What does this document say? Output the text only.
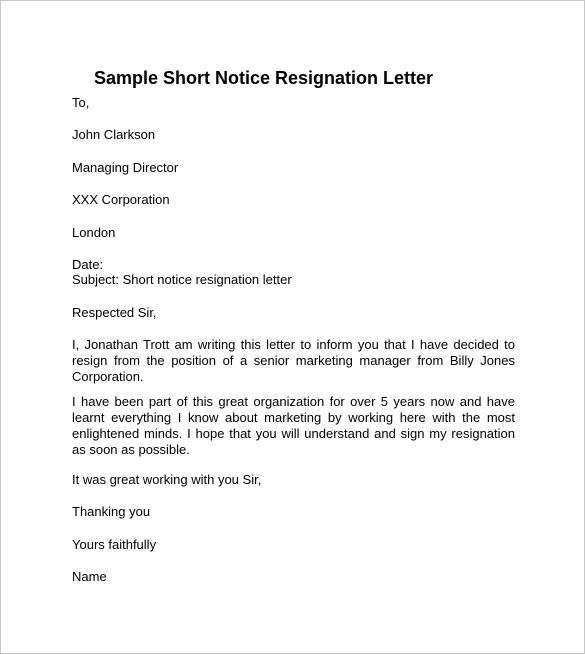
Sample Short Notice Resignation Letter
To,
John Clarkson
Managing Director
XXX Corporation
London
Date:
Subject: Short notice resignation letter
Respected Sir,
I, Jonathan Trott am writing this letter to inform you that I have decided to resign from the position of a senior marketing manager from Billy Jones Corporation.
I have been part of this great organization for over 5 years now and have learnt everything I know about marketing by working here with the most enlightened minds. I hope that you will understand and sign my resignation as soon as possible.
It was great working with you Sir,
Thanking you
Yours faithfully
Name
